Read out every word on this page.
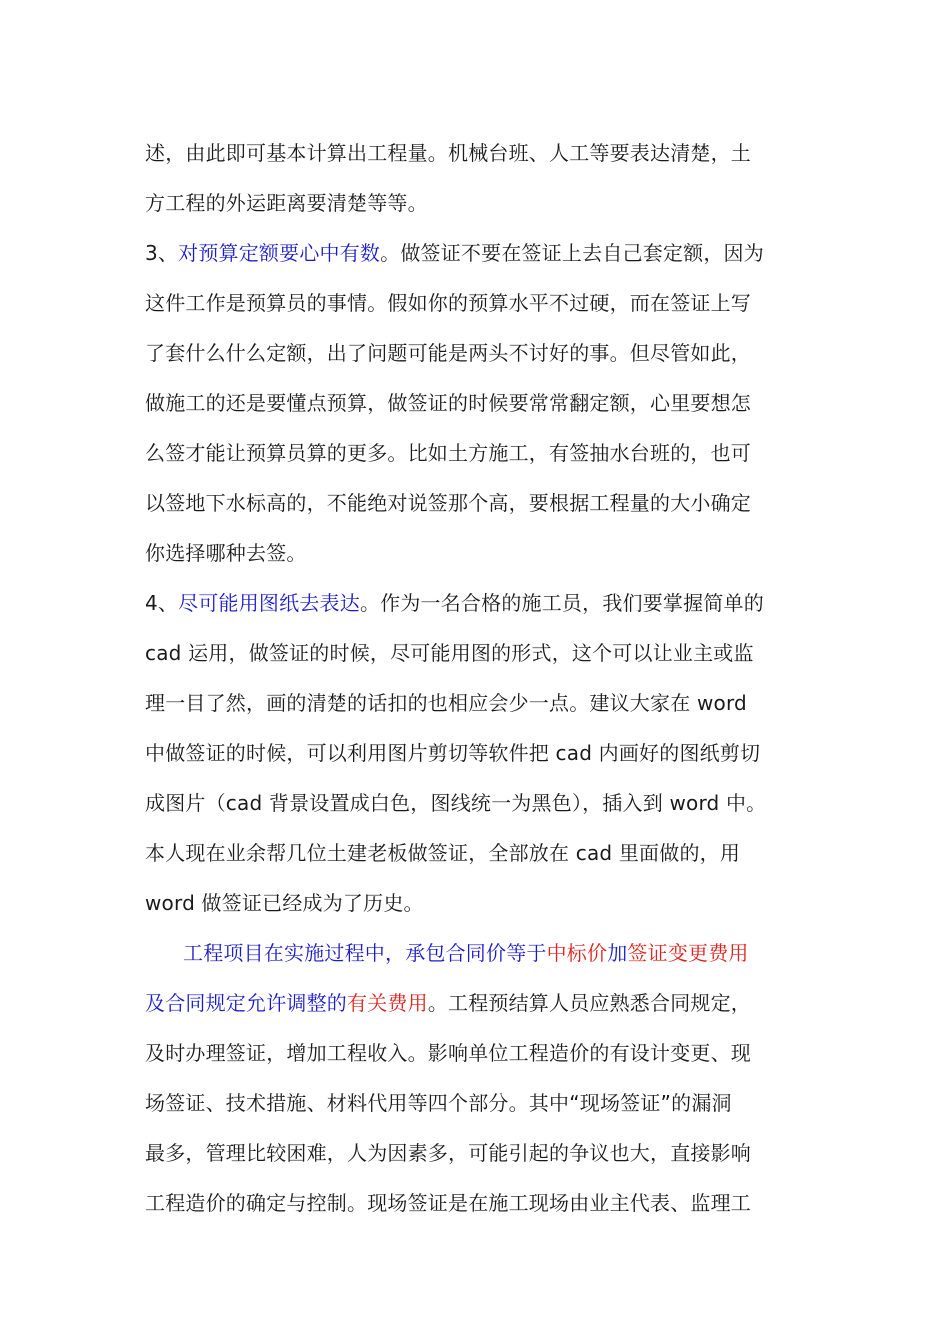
述，由此即可基本计算出工程量。机械台班、人工等要表达清楚，土
方工程的外运距离要清楚等等。
3、对预算定额要心中有数。做签证不要在签证上去自己套定额，因为
这件工作是预算员的事情。假如你的预算水平不过硬，而在签证上写
了套什么什么定额，出了问题可能是两头不讨好的事。但尽管如此，
做施工的还是要懂点预算，做签证的时候要常常翻定额，心里要想怎
么签才能让预算员算的更多。比如土方施工，有签抽水台班的，也可
以签地下水标高的，不能绝对说签那个高，要根据工程量的大小确定
你选择哪种去签。
4、尽可能用图纸去表达。作为一名合格的施工员，我们要掌握简单的
cad 运用，做签证的时候，尽可能用图的形式，这个可以让业主或监
理一目了然，画的清楚的话扣的也相应会少一点。建议大家在 word
中做签证的时候，可以利用图片剪切等软件把 cad 内画好的图纸剪切
成图片（cad 背景设置成白色，图线统一为黑色），插入到 word 中。
本人现在业余帮几位土建老板做签证，全部放在 cad 里面做的，用
word 做签证已经成为了历史。
工程项目在实施过程中，承包合同价等于中标价加签证变更费用
及合同规定允许调整的有关费用。工程预结算人员应熟悉合同规定，
及时办理签证，增加工程收入。影响单位工程造价的有设计变更、现
场签证、技术措施、材料代用等四个部分。其中“现场签证”的漏洞
最多，管理比较困难，人为因素多，可能引起的争议也大，直接影响
工程造价的确定与控制。现场签证是在施工现场由业主代表、监理工
